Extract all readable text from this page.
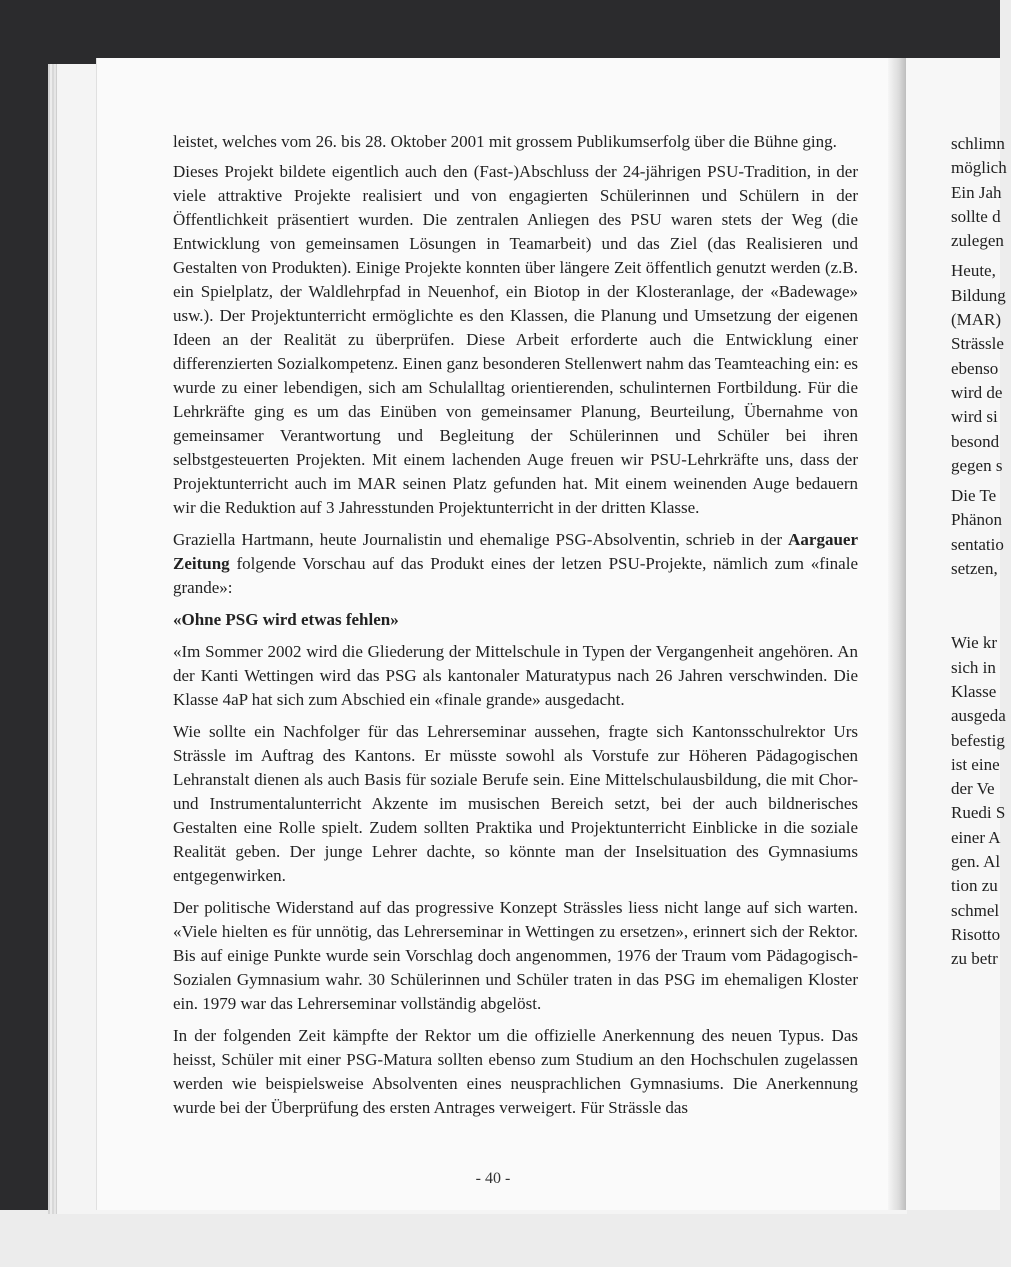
leistet, welches vom 26. bis 28. Oktober 2001 mit grossem Publikumserfolg über die Bühne ging.

Dieses Projekt bildete eigentlich auch den (Fast-)Abschluss der 24-jährigen PSU-Tradition, in der viele attraktive Projekte realisiert und von engagierten Schülerinnen und Schülern in der Öffentlichkeit präsentiert wurden. Die zentralen Anliegen des PSU waren stets der Weg (die Entwicklung von gemeinsamen Lösungen in Teamarbeit) und das Ziel (das Realisieren und Gestalten von Produkten). Einige Projekte konnten über längere Zeit öffentlich genutzt werden (z.B. ein Spielplatz, der Waldlehrpfad in Neuenhof, ein Biotop in der Klosteranlage, der «Badewage» usw.). Der Projektunterricht ermöglichte es den Klassen, die Planung und Umsetzung der eigenen Ideen an der Realität zu überprüfen. Diese Arbeit erforderte auch die Entwicklung einer differenzierten Sozialkompetenz. Einen ganz besonderen Stellenwert nahm das Teamteaching ein: es wurde zu einer lebendigen, sich am Schulalltag orientierenden, schulinternen Fortbildung. Für die Lehrkräfte ging es um das Einüben von gemeinsamer Planung, Beurteilung, Übernahme von gemeinsamer Verantwortung und Begleitung der Schülerinnen und Schüler bei ihren selbstgesteuerten Projekten. Mit einem lachenden Auge freuen wir PSU-Lehrkräfte uns, dass der Projektunterricht auch im MAR seinen Platz gefunden hat. Mit einem weinenden Auge bedauern wir die Reduktion auf 3 Jahresstunden Projektunterricht in der dritten Klasse.

Graziella Hartmann, heute Journalistin und ehemalige PSG-Absolventin, schrieb in der Aargauer Zeitung folgende Vorschau auf das Produkt eines der letzen PSU-Projekte, nämlich zum «finale grande»:

«Ohne PSG wird etwas fehlen»

«Im Sommer 2002 wird die Gliederung der Mittelschule in Typen der Vergangenheit angehören. An der Kanti Wettingen wird das PSG als kantonaler Maturatypus nach 26 Jahren verschwinden. Die Klasse 4aP hat sich zum Abschied ein «finale grande» ausgedacht.

Wie sollte ein Nachfolger für das Lehrerseminar aussehen, fragte sich Kantonsschulrektor Urs Strässle im Auftrag des Kantons. Er müsste sowohl als Vorstufe zur Höheren Pädagogischen Lehranstalt dienen als auch Basis für soziale Berufe sein. Eine Mittelschulausbildung, die mit Chor- und Instrumentalunterricht Akzente im musischen Bereich setzt, bei der auch bildnerisches Gestalten eine Rolle spielt. Zudem sollten Praktika und Projektunterricht Einblicke in die soziale Realität geben. Der junge Lehrer dachte, so könnte man der Inselsituation des Gymnasiums entgegenwirken.

Der politische Widerstand auf das progressive Konzept Strässles liess nicht lange auf sich warten. «Viele hielten es für unnötig, das Lehrerseminar in Wettingen zu ersetzen», erinnert sich der Rektor. Bis auf einige Punkte wurde sein Vorschlag doch angenommen, 1976 der Traum vom Pädagogisch-Sozialen Gymnasium wahr. 30 Schülerinnen und Schüler traten in das PSG im ehemaligen Kloster ein. 1979 war das Lehrerseminar vollständig abgelöst.

In der folgenden Zeit kämpfte der Rektor um die offizielle Anerkennung des neuen Typus. Das heisst, Schüler mit einer PSG-Matura sollten ebenso zum Studium an den Hochschulen zugelassen werden wie beispielsweise Absolventen eines neusprachlichen Gymnasiums. Die Anerkennung wurde bei der Überprüfung des ersten Antrages verweigert. Für Strässle das

- 40 -
schlimn
möglich
Ein Jah
sollte d
zulegen
Heute,
Bildung
(MAR)
Strässle
ebenso
wird de
wird si
besond
gegen s
Die Te
Phänon
sentatio
setzen,
Wie kr
sich in
Klasse
ausgeda
befestig
ist eine
der Ve
Ruedi S
einer A
gen. Al
tion zu
schmel
Risotto
zu betr
